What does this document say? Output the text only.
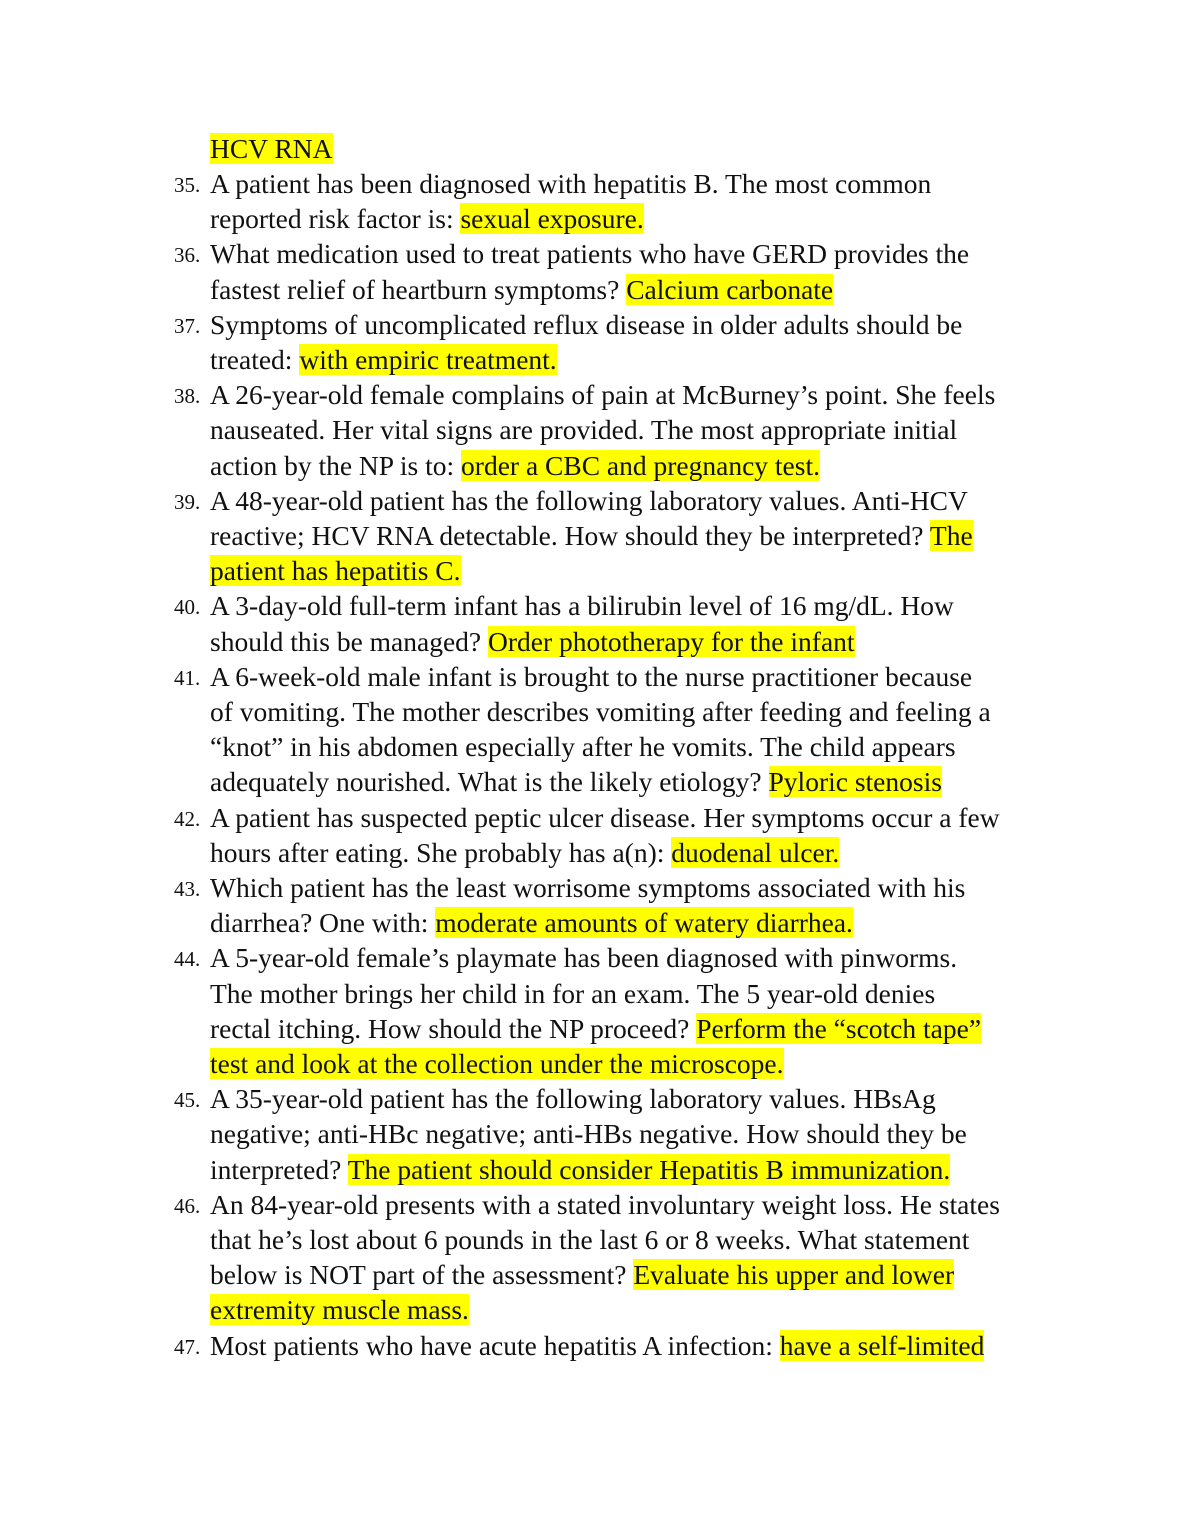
HCV RNA
35. A patient has been diagnosed with hepatitis B. The most common
reported risk factor is: sexual exposure.
36. What medication used to treat patients who have GERD provides the
fastest relief of heartburn symptoms? Calcium carbonate
37. Symptoms of uncomplicated reflux disease in older adults should be
treated: with empiric treatment.
38. A 26-year-old female complains of pain at McBurney’s point. She feels
nauseated. Her vital signs are provided. The most appropriate initial
action by the NP is to: order a CBC and pregnancy test.
39. A 48-year-old patient has the following laboratory values. Anti-HCV
reactive; HCV RNA detectable. How should they be interpreted? The
patient has hepatitis C.
40. A 3-day-old full-term infant has a bilirubin level of 16 mg/dL. How
should this be managed? Order phototherapy for the infant
41. A 6-week-old male infant is brought to the nurse practitioner because
of vomiting. The mother describes vomiting after feeding and feeling a
“knot” in his abdomen especially after he vomits. The child appears
adequately nourished. What is the likely etiology? Pyloric stenosis
42. A patient has suspected peptic ulcer disease. Her symptoms occur a few
hours after eating. She probably has a(n): duodenal ulcer.
43. Which patient has the least worrisome symptoms associated with his
diarrhea? One with: moderate amounts of watery diarrhea.
44. A 5-year-old female’s playmate has been diagnosed with pinworms.
The mother brings her child in for an exam. The 5 year-old denies
rectal itching. How should the NP proceed? Perform the “scotch tape”
test and look at the collection under the microscope.
45. A 35-year-old patient has the following laboratory values. HBsAg
negative; anti-HBc negative; anti-HBs negative. How should they be
interpreted? The patient should consider Hepatitis B immunization.
46. An 84-year-old presents with a stated involuntary weight loss. He states
that he’s lost about 6 pounds in the last 6 or 8 weeks. What statement
below is NOT part of the assessment? Evaluate his upper and lower
extremity muscle mass.
47. Most patients who have acute hepatitis A infection: have a self-limited
